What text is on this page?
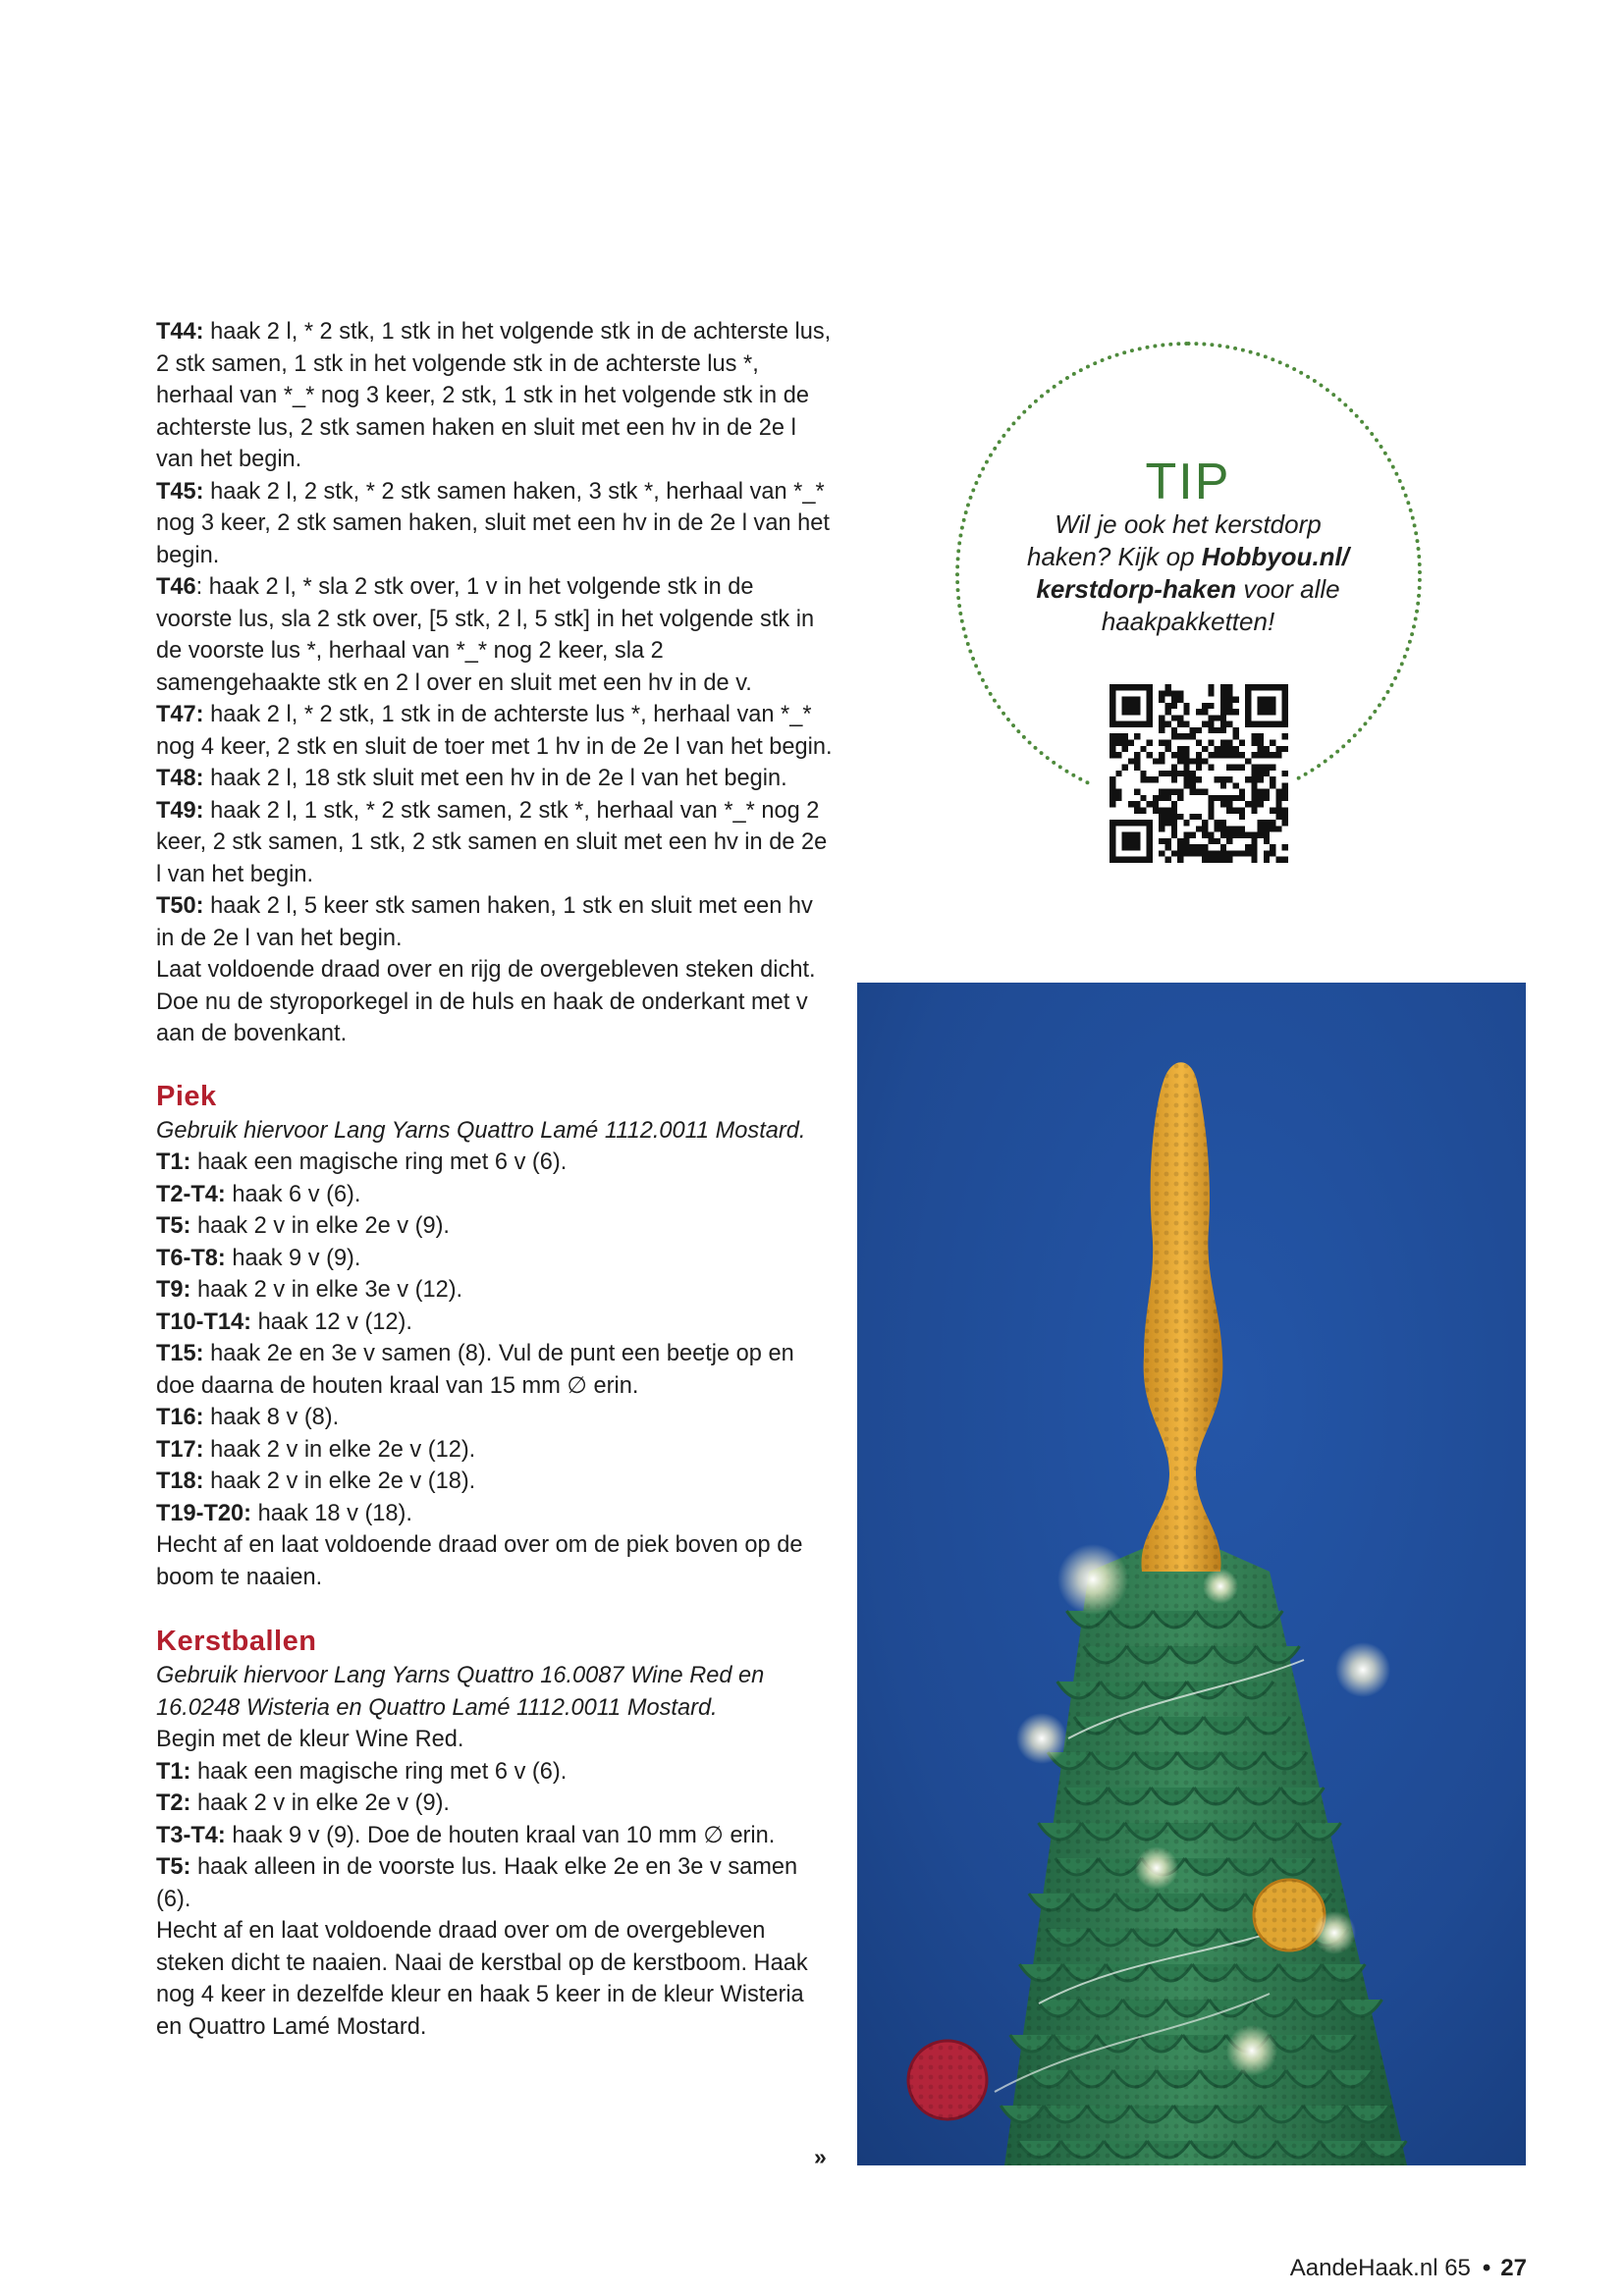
T44: haak 2 l, * 2 stk, 1 stk in het volgende stk in de achterste lus, 2 stk samen, 1 stk in het volgende stk in de achterste lus *, herhaal van *_* nog 3 keer, 2 stk, 1 stk in het volgende stk in de achterste lus, 2 stk samen haken en sluit met een hv in de 2e l van het begin.

T45: haak 2 l, 2 stk, * 2 stk samen haken, 3 stk *, herhaal van *_* nog 3 keer, 2 stk samen haken, sluit met een hv in de 2e l van het begin.

T46: haak 2 l, * sla 2 stk over, 1 v in het volgende stk in de voorste lus, sla 2 stk over, [5 stk, 2 l, 5 stk] in het volgende stk in de voorste lus *, herhaal van *_* nog 2 keer, sla 2 samengehaakte stk en 2 l over en sluit met een hv in de v.

T47: haak 2 l, * 2 stk, 1 stk in de achterste lus *, herhaal van *_* nog 4 keer, 2 stk en sluit de toer met 1 hv in de 2e l van het begin.

T48: haak 2 l, 18 stk sluit met een hv in de 2e l van het begin.

T49: haak 2 l, 1 stk, * 2 stk samen, 2 stk *, herhaal van *_* nog 2 keer, 2 stk samen, 1 stk, 2 stk samen en sluit met een hv in de 2e l van het begin.

T50: haak 2 l, 5 keer stk samen haken, 1 stk en sluit met een hv in de 2e l van het begin.

Laat voldoende draad over en rijg de overgebleven steken dicht. Doe nu de styroporkegel in de huls en haak de onderkant met v aan de bovenkant.

Piek
Gebruik hiervoor Lang Yarns Quattro Lamé 1112.0011 Mostard.

T1: haak een magische ring met 6 v (6).

T2-T4: haak 6 v (6).

T5: haak 2 v in elke 2e v (9).

T6-T8: haak 9 v (9).

T9: haak 2 v in elke 3e v (12).

T10-T14: haak 12 v (12).

T15: haak 2e en 3e v samen (8). Vul de punt een beetje op en doe daarna de houten kraal van 15 mm ∅ erin.

T16: haak 8 v (8).

T17: haak 2 v in elke 2e v (12).

T18: haak 2 v in elke 2e v (18).

T19-T20: haak 18 v (18).

Hecht af en laat voldoende draad over om de piek boven op de boom te naaien.

Kerstballen
Gebruik hiervoor Lang Yarns Quattro 16.0087 Wine Red en 16.0248 Wisteria en Quattro Lamé 1112.0011 Mostard.

Begin met de kleur Wine Red.

T1: haak een magische ring met 6 v (6).

T2: haak 2 v in elke 2e v (9).

T3-T4: haak 9 v (9). Doe de houten kraal van 10 mm ∅ erin.

T5: haak alleen in de voorste lus. Haak elke 2e en 3e v samen (6).

Hecht af en laat voldoende draad over om de overgebleven steken dicht te naaien. Naai de kerstbal op de kerstboom. Haak nog 4 keer in dezelfde kleur en haak 5 keer in de kleur Wisteria en Quattro Lamé Mostard.

»
TIP
Wil je ook het kerstdorp
haken? Kijk op Hobbyou.nl/
kerstdorp-haken voor alle
haakpakketten!
AandeHaak.nl 65 • 27
